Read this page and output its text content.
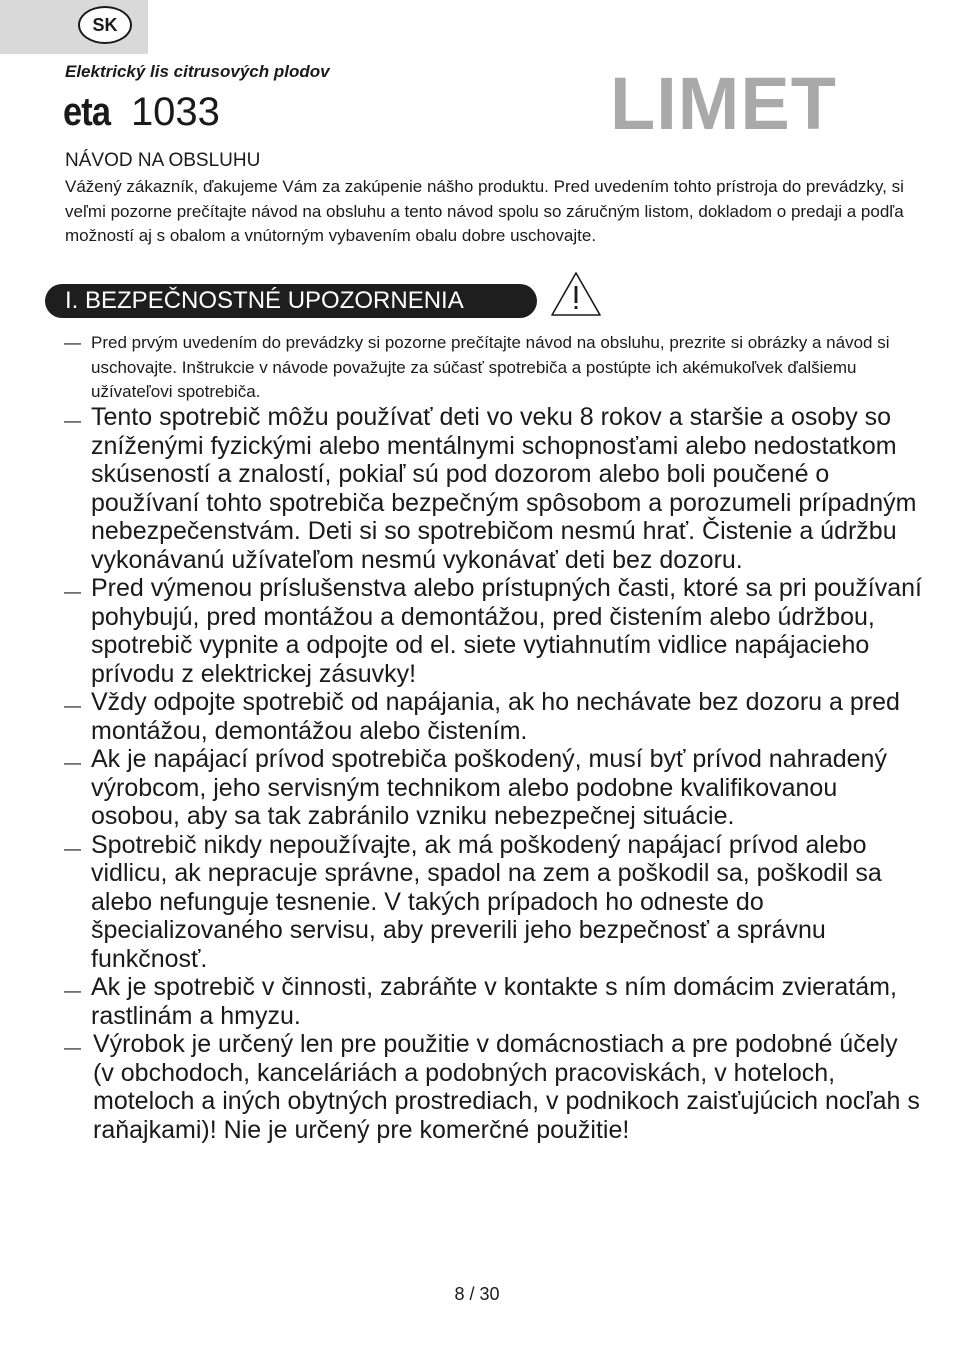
SK

Elektrický lis citrusových plodov

eta 1033	LIMET

NÁVOD NA OBSLUHU

Vážený zákazník, ďakujeme Vám za zakúpenie nášho produktu. Pred uvedením tohto prístroja do prevádzky, si veľmi pozorne prečítajte návod na obsluhu a tento návod spolu so záručným listom, dokladom o predaji a podľa možností aj s obalom a vnútorným vybavením obalu dobre uschovajte.

I. BEZPEČNOSTNÉ UPOZORNENIA
— Pred prvým uvedením do prevádzky si pozorne prečítajte návod na obsluhu, prezrite si obrázky a návod si uschovajte. Inštrukcie v návode považujte za súčasť spotrebiča a postúpte ich akémukoľvek ďalšiemu užívateľovi spotrebiča.
— Tento spotrebič môžu používať deti vo veku 8 rokov a staršie a osoby so zníženými fyzickými alebo mentálnymi schopnosťami alebo nedostatkom skúseností a znalostí, pokiaľ sú pod dozorom alebo boli poučené o používaní tohto spotrebiča bezpečným spôsobom a porozumeli prípadným nebezpečenstvám. Deti si so spotrebičom nesmú hrať. Čistenie a údržbu vykonávanú užívateľom nesmú vykonávať deti bez dozoru.
— Pred výmenou príslušenstva alebo prístupných časti, ktoré sa pri používaní pohybujú, pred montážou a demontážou, pred čistením alebo údržbou, spotrebič vypnite a odpojte od el. siete vytiahnutím vidlice napájacieho prívodu z elektrickej zásuvky!
— Vždy odpojte spotrebič od napájania, ak ho nechávate bez dozoru a pred montážou, demontážou alebo čistením.
— Ak je napájací prívod spotrebiča poškodený, musí byť prívod nahradený výrobcom, jeho servisným technikom alebo podobne kvalifikovanou osobou, aby sa tak zabránilo vzniku nebezpečnej situácie.
— Spotrebič nikdy nepoužívajte, ak má poškodený napájací prívod alebo vidlicu, ak nepracuje správne, spadol na zem a poškodil sa, poškodil sa alebo nefunguje tesnenie. V takých prípadoch ho odneste do špecializovaného servisu, aby preverili jeho bezpečnosť a správnu funkčnosť.
— Ak je spotrebič v činnosti, zabráňte v kontakte s ním domácim zvieratám, rastlinám a hmyzu.
— Výrobok je určený len pre použitie v domácnostiach a pre podobné účely (v obchodoch, kanceláriách a podobných pracoviskách, v hoteloch, moteloch a iných obytných prostrediach, v podnikoch zaisťujúcich nocľah s raňajkami)! Nie je určený pre komerčné použitie!
8 / 30
